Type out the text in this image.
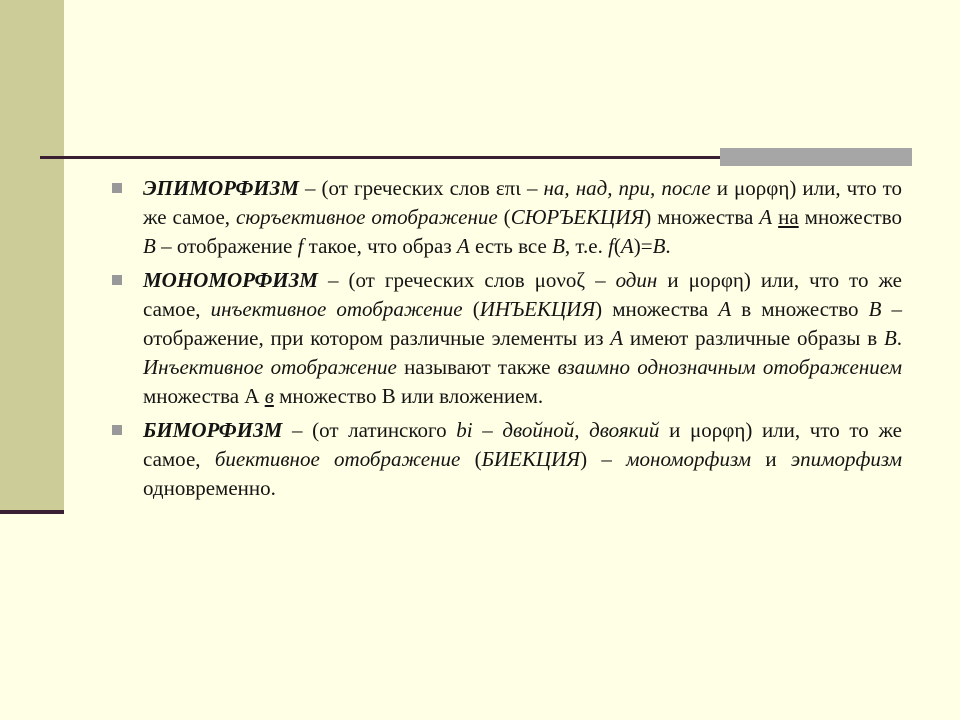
ЭПИМОРФИЗМ – (от греческих слов επι – на, над, при, после и μορφη) или, что то же самое, сюръективное отображение (СЮРЪЕКЦИЯ) множества А на множество В – отображение f такое, что образ А есть все В, т.е. f(А)=В.
МОНОМОРФИЗМ – (от греческих слов μονοζ – один и μορφη) или, что то же самое, инъективное отображение (ИНЪЕКЦИЯ) множества А в множество В – отображение, при котором различные элементы из А имеют различные образы в В. Инъективное отображение называют также взаимно однозначным отображением множества А в множество В или вложением.
БИМОРФИЗМ – (от латинского bi – двойной, двоякий и μορφη) или, что то же самое, биективное отображение (БИЕКЦИЯ) – мономорфизм и эпиморфизм одновременно.
